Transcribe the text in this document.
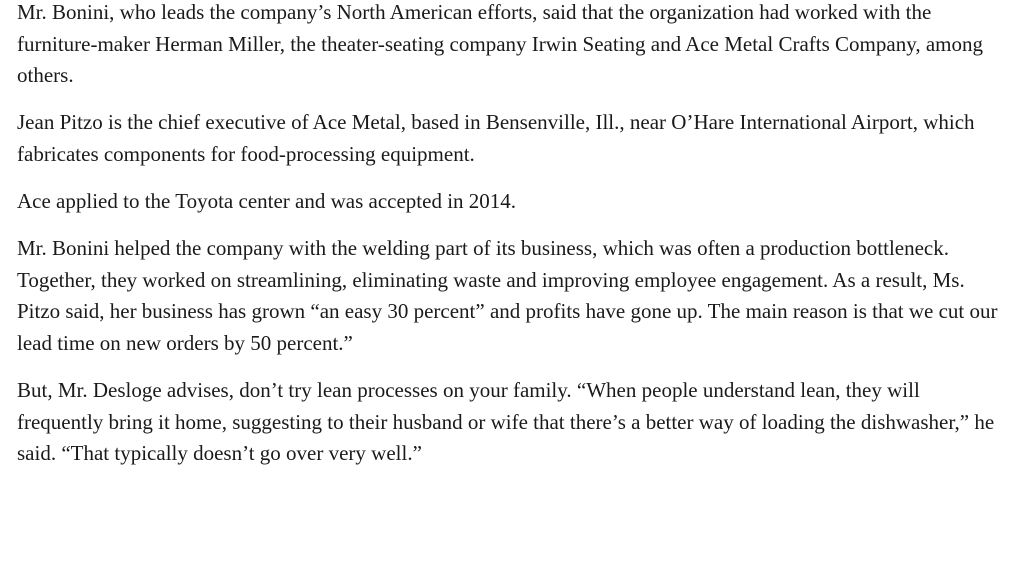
Mr. Bonini, who leads the company’s North American efforts, said that the organization had worked with the furniture-maker Herman Miller, the theater-seating company Irwin Seating and Ace Metal Crafts Company, among others.

Jean Pitzo is the chief executive of Ace Metal, based in Bensenville, Ill., near O’Hare International Airport, which fabricates components for food-processing equipment.

Ace applied to the Toyota center and was accepted in 2014.

Mr. Bonini helped the company with the welding part of its business, which was often a production bottleneck. Together, they worked on streamlining, eliminating waste and improving employee engagement. As a result, Ms. Pitzo said, her business has grown “an easy 30 percent” and profits have gone up. The main reason is that we cut our lead time on new orders by 50 percent.”

But, Mr. Desloge advises, don’t try lean processes on your family. “When people understand lean, they will frequently bring it home, suggesting to their husband or wife that there’s a better way of loading the dishwasher,” he said. “That typically doesn’t go over very well.”
